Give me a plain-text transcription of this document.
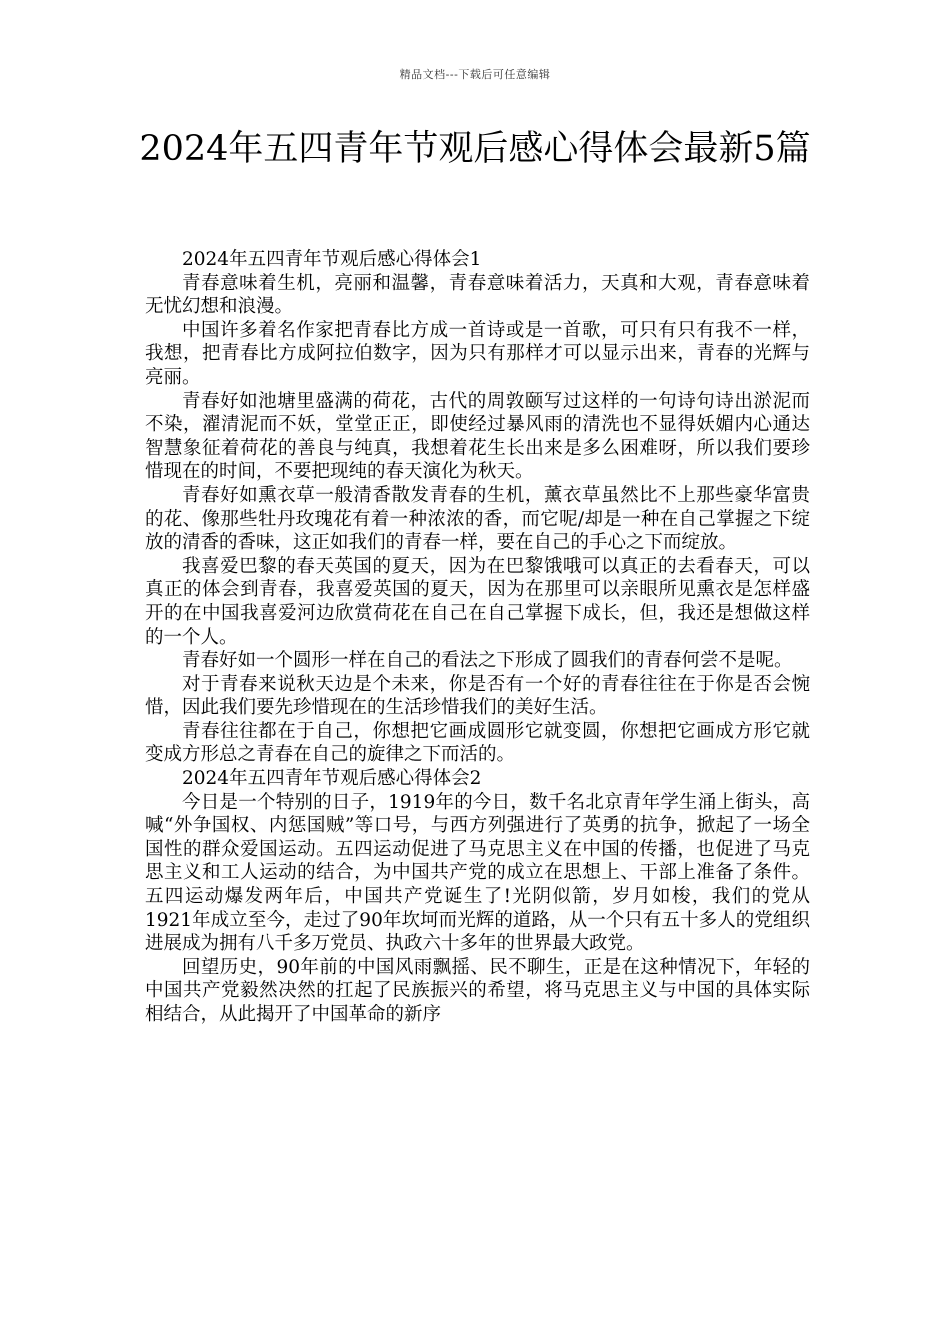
精品文档---下载后可任意编辑
2024年五四青年节观后感心得体会最新5篇

2024年五四青年节观后感心得体会1

青春意味着生机，亮丽和温馨，青春意味着活力，天真和大观，青春意味着无忧幻想和浪漫。

中国许多着名作家把青春比方成一首诗或是一首歌，可只有只有我不一样，我想，把青春比方成阿拉伯数字，因为只有那样才可以显示出来，青春的光辉与亮丽。

青春好如池塘里盛满的荷花，古代的周敦颐写过这样的一句诗句诗出淤泥而不染，濯清泥而不妖，堂堂正正，即使经过暴风雨的清洗也不显得妖媚内心通达智慧象征着荷花的善良与纯真，我想着花生长出来是多么困难呀，所以我们要珍惜现在的时间，不要把现纯的春天演化为秋天。

青春好如熏衣草一般清香散发青春的生机，薰衣草虽然比不上那些豪华富贵的花、像那些牡丹玫瑰花有着一种浓浓的香，而它呢/却是一种在自己掌握之下绽放的清香的香味，这正如我们的青春一样，要在自己的手心之下而绽放。

我喜爱巴黎的春天英国的夏天，因为在巴黎饿哦可以真正的去看春天，可以真正的体会到青春，我喜爱英国的夏天，因为在那里可以亲眼所见熏衣是怎样盛开的在中国我喜爱河边欣赏荷花在自己在自己掌握下成长，但，我还是想做这样的一个人。

青春好如一个圆形一样在自己的看法之下形成了圆我们的青春何尝不是呢。

对于青春来说秋天边是个未来，你是否有一个好的青春往往在于你是否会惋惜，因此我们要先珍惜现在的生活珍惜我们的美好生活。

青春往往都在于自己，你想把它画成圆形它就变圆，你想把它画成方形它就变成方形总之青春在自己的旋律之下而活的。

2024年五四青年节观后感心得体会2

今日是一个特别的日子，1919年的今日，数千名北京青年学生涌上街头，高喊“外争国权、内惩国贼”等口号，与西方列强进行了英勇的抗争，掀起了一场全国性的群众爱国运动。五四运动促进了马克思主义在中国的传播，也促进了马克思主义和工人运动的结合，为中国共产党的成立在思想上、干部上准备了条件。五四运动爆发两年后，中国共产党诞生了!光阴似箭，岁月如梭，我们的党从1921年成立至今，走过了90年坎坷而光辉的道路，从一个只有五十多人的党组织进展成为拥有八千多万党员、执政六十多年的世界最大政党。

回望历史，90年前的中国风雨飘摇、民不聊生，正是在这种情况下，年轻的中国共产党毅然决然的扛起了民族振兴的希望，将马克思主义与中国的具体实际相结合，从此揭开了中国革命的新序
